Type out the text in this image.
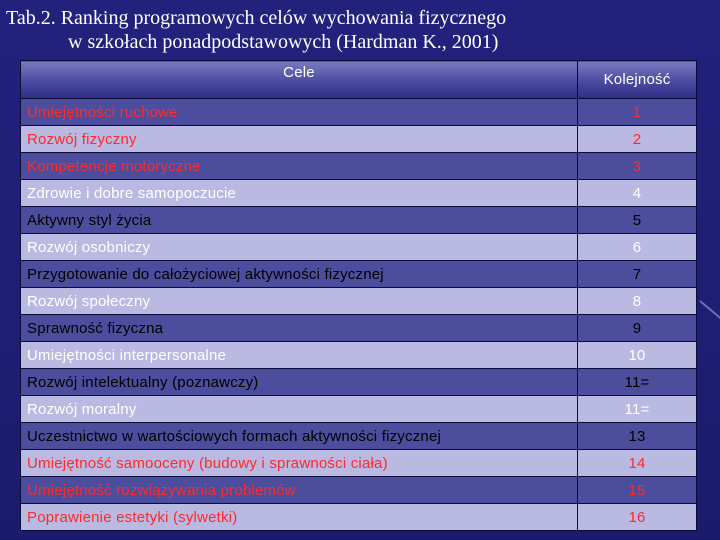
Tab.2. Ranking programowych celów wychowania fizycznego
w szkołach ponadpodstawowych (Hardman K., 2001)
Cele	Kolejność
Umiejętności ruchowe	1
Rozwój fizyczny	2
Kompetencje motoryczne	3
Zdrowie i dobre samopoczucie	4
Aktywny styl życia	5
Rozwój osobniczy	6
Przygotowanie do całożyciowej aktywności fizycznej	7
Rozwój społeczny	8
Sprawność fizyczna	9
Umiejętności interpersonalne	10
Rozwój intelektualny (poznawczy)	11=
Rozwój moralny	11=
Uczestnictwo w wartościowych formach aktywności fizycznej	13
Umiejętność samooceny (budowy i sprawności ciała)	14
Umiejętność rozwiązywania problemów	15
Poprawienie estetyki (sylwetki)	16
